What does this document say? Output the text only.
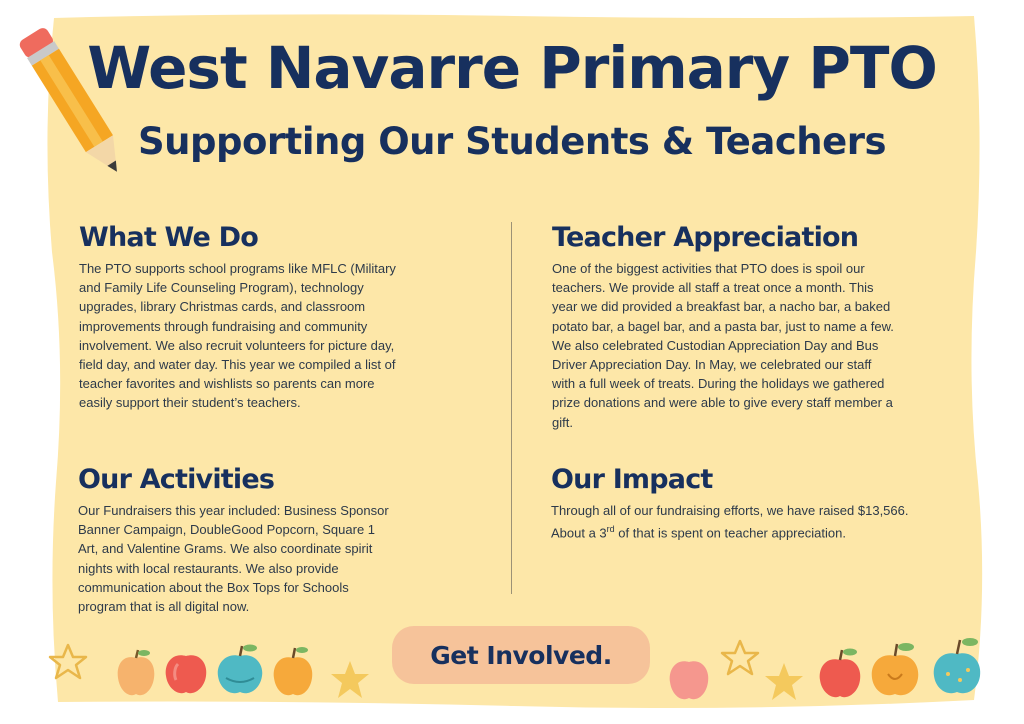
West Navarre Primary PTO
Supporting Our Students & Teachers
What We Do

The PTO supports school programs like MFLC (Military and Family Life Counseling Program), technology upgrades, library Christmas cards, and classroom improvements through fundraising and community involvement. We also recruit volunteers for picture day, field day, and water day. This year we compiled a list of teacher favorites and wishlists so parents can more easily support their student’s teachers.

Teacher Appreciation

One of the biggest activities that PTO does is spoil our teachers. We provide all staff a treat once a month. This year we did provided a breakfast bar, a nacho bar, a baked potato bar, a bagel bar, and a pasta bar, just to name a few.

We also celebrated Custodian Appreciation Day and Bus Driver Appreciation Day. In May, we celebrated our staff with a full week of treats. During the holidays we gathered prize donations and were able to give every staff member a gift.

Our Activities

Our Fundraisers this year included: Business Sponsor Banner Campaign, DoubleGood Popcorn, Square 1 Art, and Valentine Grams. We also coordinate spirit nights with local restaurants. We also provide communication about the Box Tops for Schools program that is all digital now.

Our Impact

Through all of our fundraising efforts, we have raised $13,566.

About a 3rd of that is spent on teacher appreciation.

Get Involved.
